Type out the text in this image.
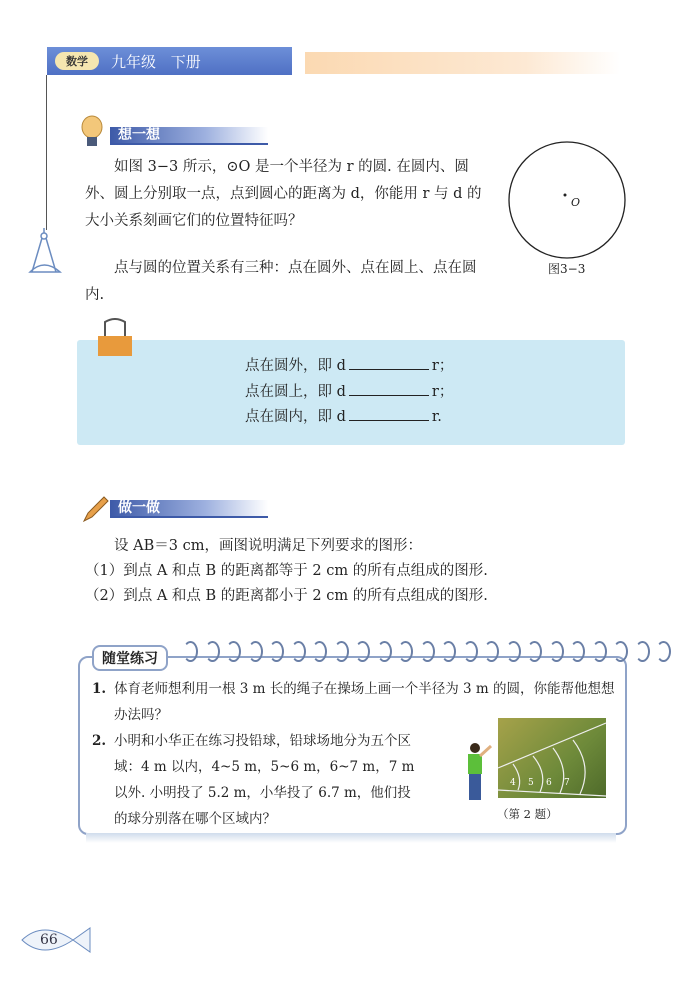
数学	九年级 下册
想一想
如图 3−3 所示，⊙O 是一个半径为 r 的圆. 在圆内、圆外、圆上分别取一点，点到圆心的距离为 d，你能用 r 与 d 的大小关系刻画它们的位置特征吗？
点与圆的位置关系有三种：点在圆外、点在圆上、点在圆内.
O
图3−3
点在圆外，即 d	r；
点在圆上，即 d	r；
点在圆内，即 d	r.
做一做
设 AB＝3 cm，画图说明满足下列要求的图形：
（1）到点 A 和点 B 的距离都等于 2 cm 的所有点组成的图形.
（2）到点 A 和点 B 的距离都小于 2 cm 的所有点组成的图形.
随堂练习
1. 体育老师想利用一根 3 m 长的绳子在操场上画一个半径为 3 m 的圆，你能帮他想想办法吗？
2. 小明和小华正在练习投铅球，铅球场地分为五个区域：4 m 以内，4~5 m，5~6 m，6~7 m，7 m 以外. 小明投了 5.2 m，小华投了 6.7 m，他们投的球分别落在哪个区域内？
4 5 6 7
（第 2 题）
66
